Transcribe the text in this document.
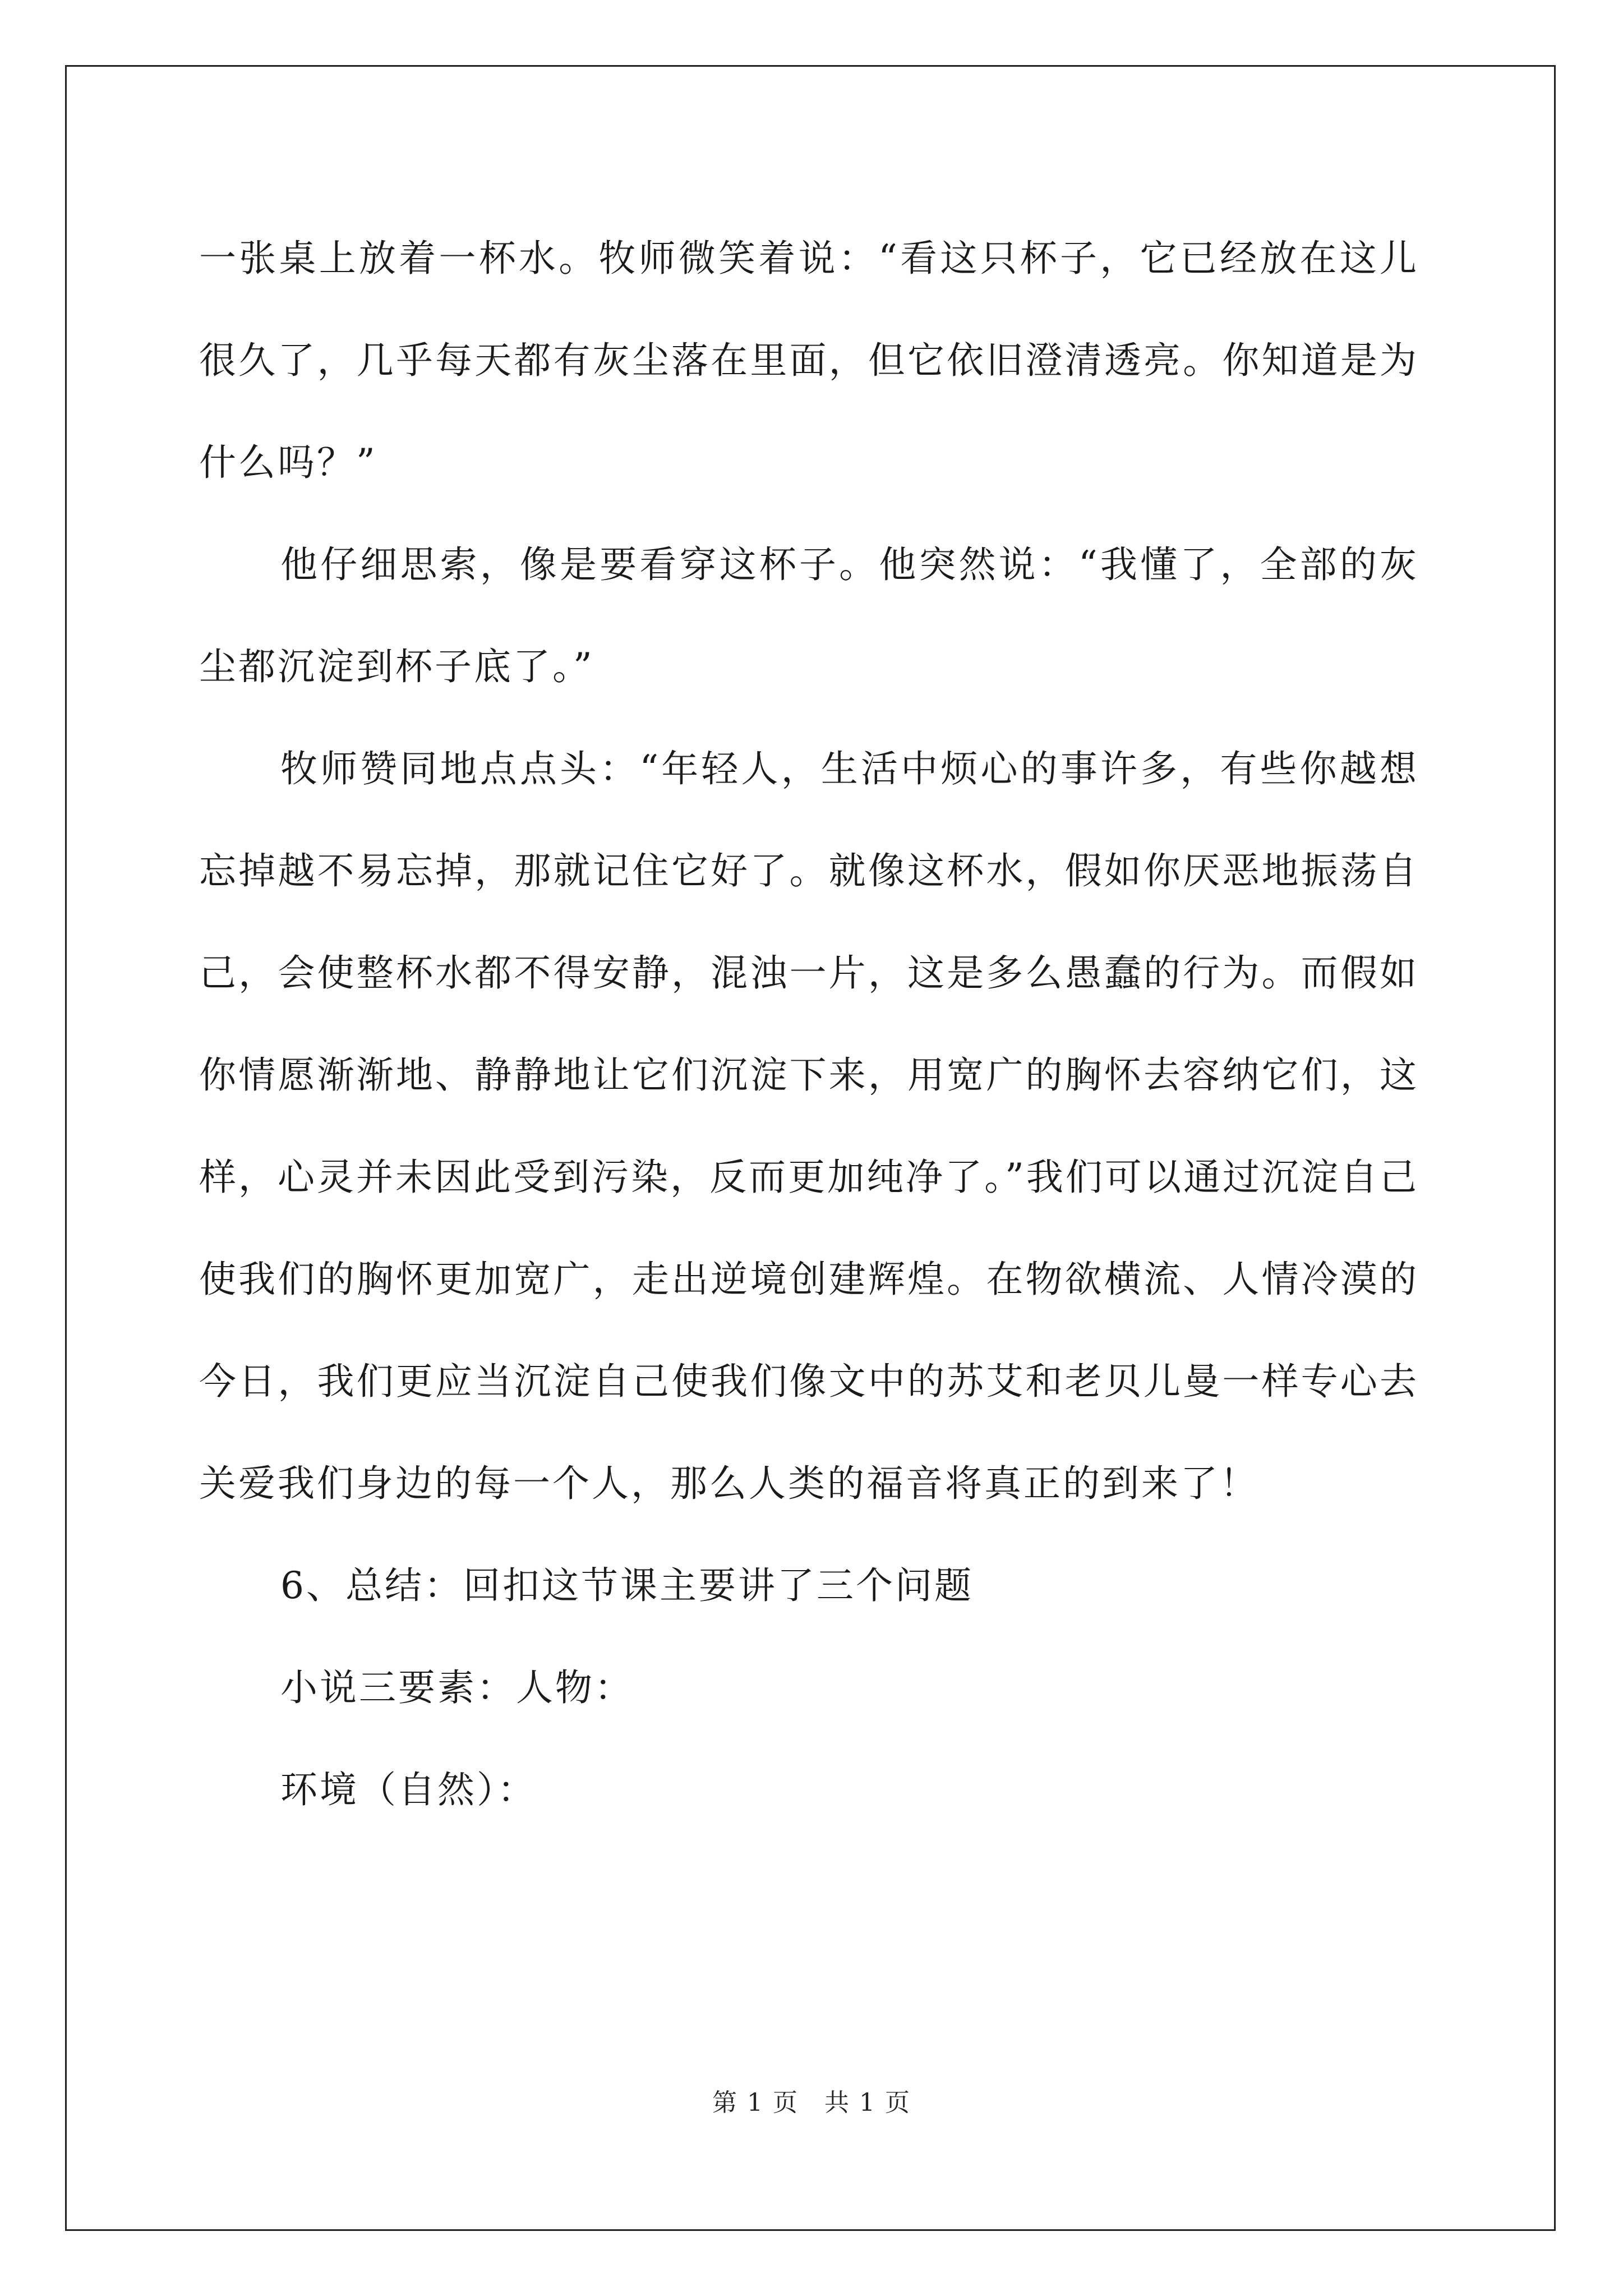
一张桌上放着一杯水。牧师微笑着说：“看这只杯子，它已经放在这儿很久了，几乎每天都有灰尘落在里面，但它依旧澄清透亮。你知道是为什么吗？”

他仔细思索，像是要看穿这杯子。他突然说：“我懂了，全部的灰尘都沉淀到杯子底了。”

牧师赞同地点点头：“年轻人，生活中烦心的事许多，有些你越想忘掉越不易忘掉，那就记住它好了。就像这杯水，假如你厌恶地振荡自己，会使整杯水都不得安静，混浊一片，这是多么愚蠢的行为。而假如你情愿渐渐地、静静地让它们沉淀下来，用宽广的胸怀去容纳它们，这样，心灵并未因此受到污染，反而更加纯净了。”我们可以通过沉淀自己使我们的胸怀更加宽广，走出逆境创建辉煌。在物欲横流、人情冷漠的今日，我们更应当沉淀自己使我们像文中的苏艾和老贝儿曼一样专心去关爱我们身边的每一个人，那么人类的福音将真正的到来了！

6、总结：回扣这节课主要讲了三个问题

小说三要素：人物：

环境（自然）：

第 1 页　共 1 页
